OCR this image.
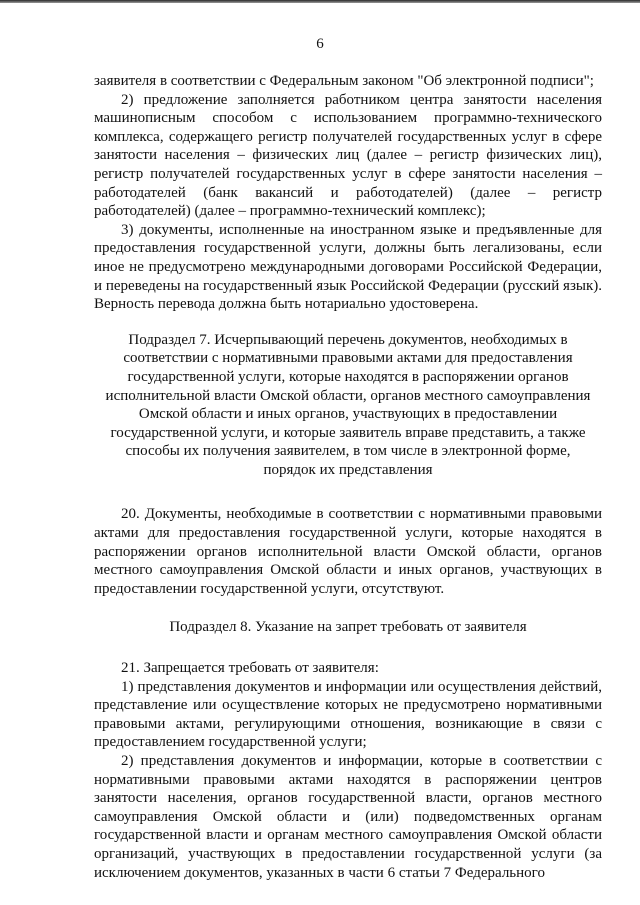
6

заявителя в соответствии с Федеральным законом "Об электронной подписи";

2) предложение заполняется работником центра занятости населения машинописным способом с использованием программно-технического комплекса, содержащего регистр получателей государственных услуг в сфере занятости населения – физических лиц (далее – регистр физических лиц), регистр получателей государственных услуг в сфере занятости населения – работодателей (банк вакансий и работодателей) (далее – регистр работодателей) (далее – программно-технический комплекс);

3) документы, исполненные на иностранном языке и предъявленные для предоставления государственной услуги, должны быть легализованы, если иное не предусмотрено международными договорами Российской Федерации, и переведены на государственный язык Российской Федерации (русский язык). Верность перевода должна быть нотариально удостоверена.

Подраздел 7. Исчерпывающий перечень документов, необходимых в
соответствии с нормативными правовыми актами для предоставления
государственной услуги, которые находятся в распоряжении органов
исполнительной власти Омской области, органов местного самоуправления
Омской области и иных органов, участвующих в предоставлении
государственной услуги, и которые заявитель вправе представить, а также
способы их получения заявителем, в том числе в электронной форме,
порядок их представления

20. Документы, необходимые в соответствии с нормативными правовыми актами для предоставления государственной услуги, которые находятся в распоряжении органов исполнительной власти Омской области, органов местного самоуправления Омской области и иных органов, участвующих в предоставлении государственной услуги, отсутствуют.

Подраздел 8. Указание на запрет требовать от заявителя

21. Запрещается требовать от заявителя:

1) представления документов и информации или осуществления действий, представление или осуществление которых не предусмотрено нормативными правовыми актами, регулирующими отношения, возникающие в связи с предоставлением государственной услуги;

2) представления документов и информации, которые в соответствии с нормативными правовыми актами находятся в распоряжении центров занятости населения, органов государственной власти, органов местного самоуправления Омской области и (или) подведомственных органам государственной власти и органам местного самоуправления Омской области организаций, участвующих в предоставлении государственной услуги (за исключением документов, указанных в части 6 статьи 7 Федерального
